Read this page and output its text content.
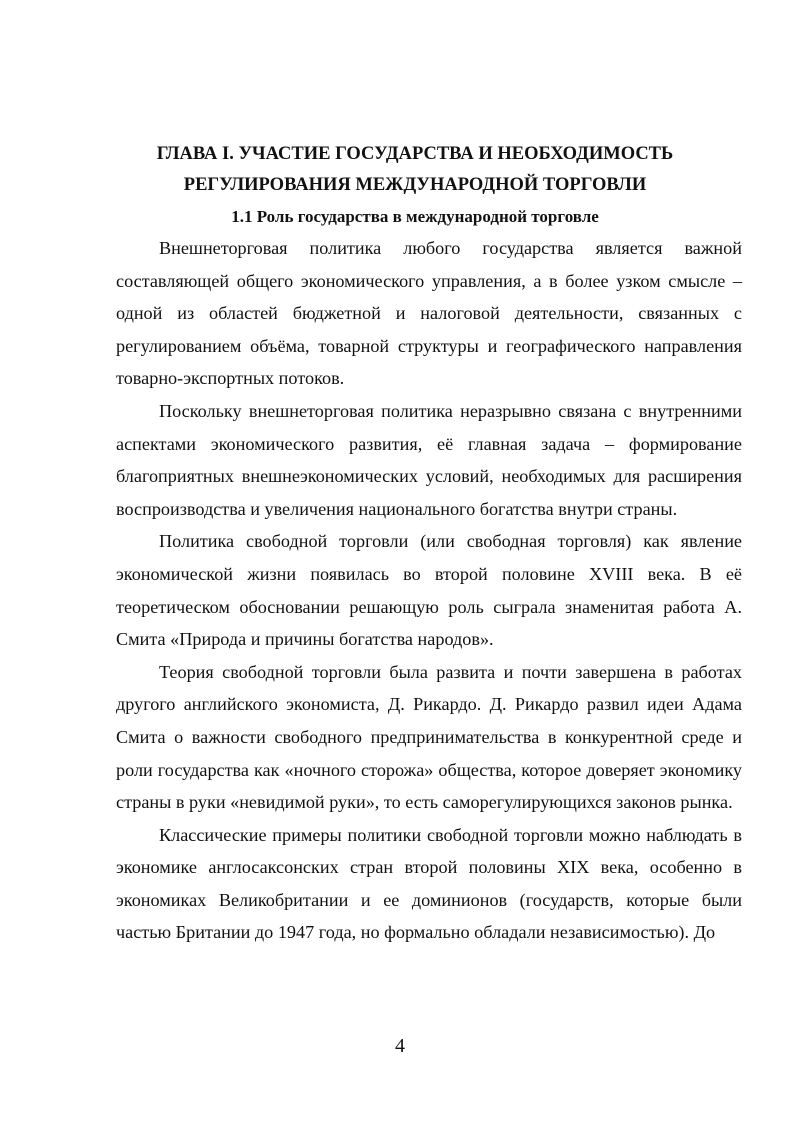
ГЛАВА I. УЧАСТИЕ ГОСУДАРСТВА И НЕОБХОДИМОСТЬ РЕГУЛИРОВАНИЯ МЕЖДУНАРОДНОЙ ТОРГОВЛИ
1.1 Роль государства в международной торговле

Внешнеторговая политика любого государства является важной составляющей общего экономического управления, а в более узком смысле – одной из областей бюджетной и налоговой деятельности, связанных с регулированием объёма, товарной структуры и географического направления товарно-экспортных потоков.

Поскольку внешнеторговая политика неразрывно связана с внутренними аспектами экономического развития, её главная задача – формирование благоприятных внешнеэкономических условий, необходимых для расширения воспроизводства и увеличения национального богатства внутри страны.

Политика свободной торговли (или свободная торговля) как явление экономической жизни появилась во второй половине XVIII века. В её теоретическом обосновании решающую роль сыграла знаменитая работа А. Смита «Природа и причины богатства народов».

Теория свободной торговли была развита и почти завершена в работах другого английского экономиста, Д. Рикардо. Д. Рикардо развил идеи Адама Смита о важности свободного предпринимательства в конкурентной среде и роли государства как «ночного сторожа» общества, которое доверяет экономику страны в руки «невидимой руки», то есть саморегулирующихся законов рынка.

Классические примеры политики свободной торговли можно наблюдать в экономике англосаксонских стран второй половины XIX века, особенно в экономиках Великобритании и ее доминионов (государств, которые были частью Британии до 1947 года, но формально обладали независимостью). До

4
